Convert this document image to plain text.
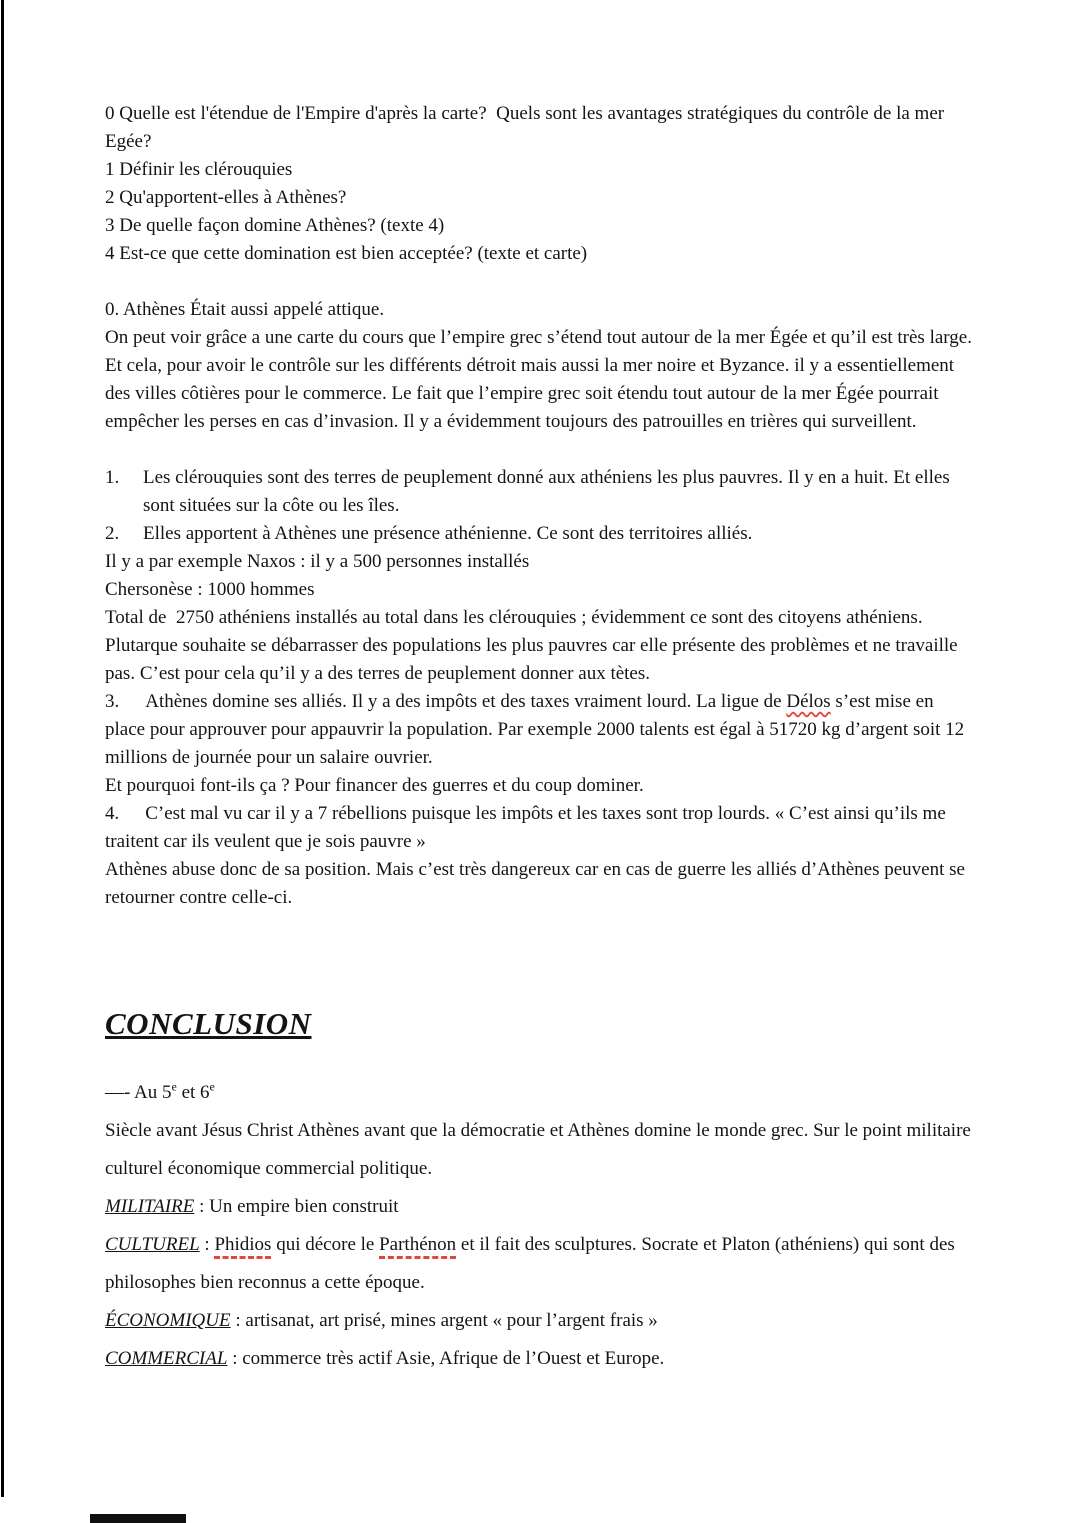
0 Quelle est l'étendue de l'Empire d'après la carte?  Quels sont les avantages stratégiques du contrôle de la mer Egée?

1 Définir les clérouquies

2 Qu'apportent-elles à Athènes?

3 De quelle façon domine Athènes? (texte 4)

4 Est-ce que cette domination est bien acceptée? (texte et carte)

0. Athènes Était aussi appelé attique.

On peut voir grâce a une carte du cours que l’empire grec s’étend tout autour de la mer Égée et qu’il est très large. Et cela, pour avoir le contrôle sur les différents détroit mais aussi la mer noire et Byzance. il y a essentiellement des villes côtières pour le commerce. Le fait que l’empire grec soit étendu tout autour de la mer Égée pourrait empêcher les perses en cas d’invasion. Il y a évidemment toujours des patrouilles en trières qui surveillent.

1.	Les clérouquies sont des terres de peuplement donné aux athéniens les plus pauvres. Il y en a huit. Et elles sont situées sur la côte ou les îles.
2.	Elles apportent à Athènes une présence athénienne. Ce sont des territoires alliés.

Il y a par exemple Naxos : il y a 500 personnes installés

Chersonèse : 1000 hommes

Total de  2750 athéniens installés au total dans les clérouquies ; évidemment ce sont des citoyens athéniens.

Plutarque souhaite se débarrasser des populations les plus pauvres car elle présente des problèmes et ne travaille pas. C’est pour cela qu’il y a des terres de peuplement donner aux tètes.

3. Athènes domine ses alliés. Il y a des impôts et des taxes vraiment lourd. La ligue de Délos s’est mise en place pour approuver pour appauvrir la population. Par exemple 2000 talents est égal à 51720 kg d’argent soit 12 millions de journée pour un salaire ouvrier.

Et pourquoi font-ils ça ? Pour financer des guerres et du coup dominer.

4. C’est mal vu car il y a 7 rébellions puisque les impôts et les taxes sont trop lourds. « C’est ainsi qu’ils me traitent car ils veulent que je sois pauvre »

Athènes abuse donc de sa position. Mais c’est très dangereux car en cas de guerre les alliés d’Athènes peuvent se retourner contre celle-ci.

CONCLUSION

—- Au 5e et 6e

Siècle avant Jésus Christ Athènes avant que la démocratie et Athènes domine le monde grec. Sur le point militaire culturel économique commercial politique.

MILITAIRE : Un empire bien construit

CULTUREL : Phidios qui décore le Parthénon et il fait des sculptures. Socrate et Platon (athéniens) qui sont des philosophes bien reconnus a cette époque.

ÉCONOMIQUE : artisanat, art prisé, mines argent « pour l’argent frais »

COMMERCIAL : commerce très actif Asie, Afrique de l’Ouest et Europe.
